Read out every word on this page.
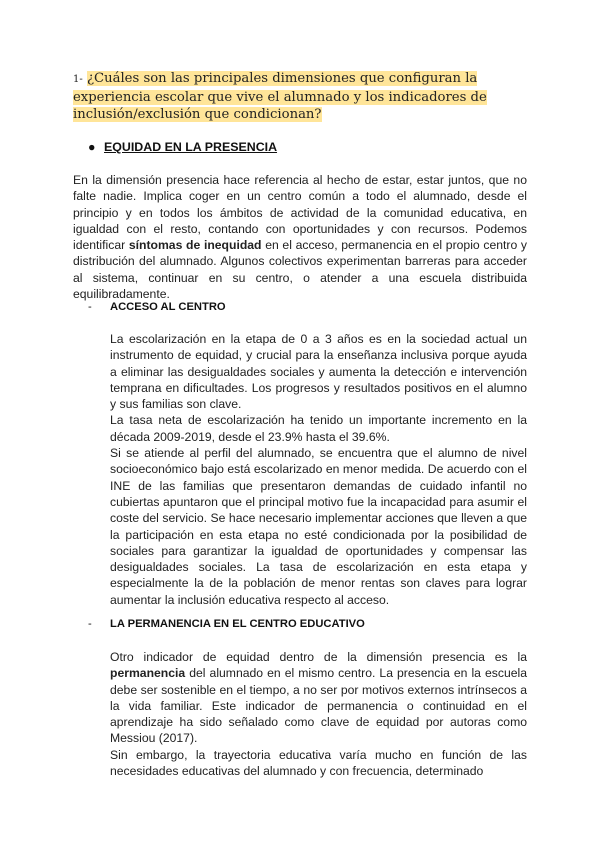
1- ¿Cuáles son las principales dimensiones que configuran la experiencia escolar que vive el alumnado y los indicadores de inclusión/exclusión que condicionan?

● EQUIDAD EN LA PRESENCIA

En la dimensión presencia hace referencia al hecho de estar, estar juntos, que no falte nadie. Implica coger en un centro común a todo el alumnado, desde el principio y en todos los ámbitos de actividad de la comunidad educativa, en igualdad con el resto, contando con oportunidades y con recursos. Podemos identificar síntomas de inequidad en el acceso, permanencia en el propio centro y distribución del alumnado. Algunos colectivos experimentan barreras para acceder al sistema, continuar en su centro, o atender a una escuela distribuida equilibradamente.

- ACCESO AL CENTRO

La escolarización en la etapa de 0 a 3 años es en la sociedad actual un instrumento de equidad, y crucial para la enseñanza inclusiva porque ayuda a eliminar las desigualdades sociales y aumenta la detección e intervención temprana en dificultades. Los progresos y resultados positivos en el alumno y sus familias son clave.
La tasa neta de escolarización ha tenido un importante incremento en la década 2009-2019, desde el 23.9% hasta el 39.6%.
Si se atiende al perfil del alumnado, se encuentra que el alumno de nivel socioeconómico bajo está escolarizado en menor medida. De acuerdo con el INE de las familias que presentaron demandas de cuidado infantil no cubiertas apuntaron que el principal motivo fue la incapacidad para asumir el coste del servicio. Se hace necesario implementar acciones que lleven a que la participación en esta etapa no esté condicionada por la posibilidad de sociales para garantizar la igualdad de oportunidades y compensar las desigualdades sociales. La tasa de escolarización en esta etapa y especialmente la de la población de menor rentas son claves para lograr aumentar la inclusión educativa respecto al acceso.

- LA PERMANENCIA EN EL CENTRO EDUCATIVO

Otro indicador de equidad dentro de la dimensión presencia es la permanencia del alumnado en el mismo centro. La presencia en la escuela debe ser sostenible en el tiempo, a no ser por motivos externos intrínsecos a la vida familiar. Este indicador de permanencia o continuidad en el aprendizaje ha sido señalado como clave de equidad por autoras como Messiou (2017).
Sin embargo, la trayectoria educativa varía mucho en función de las necesidades educativas del alumnado y con frecuencia, determinado
